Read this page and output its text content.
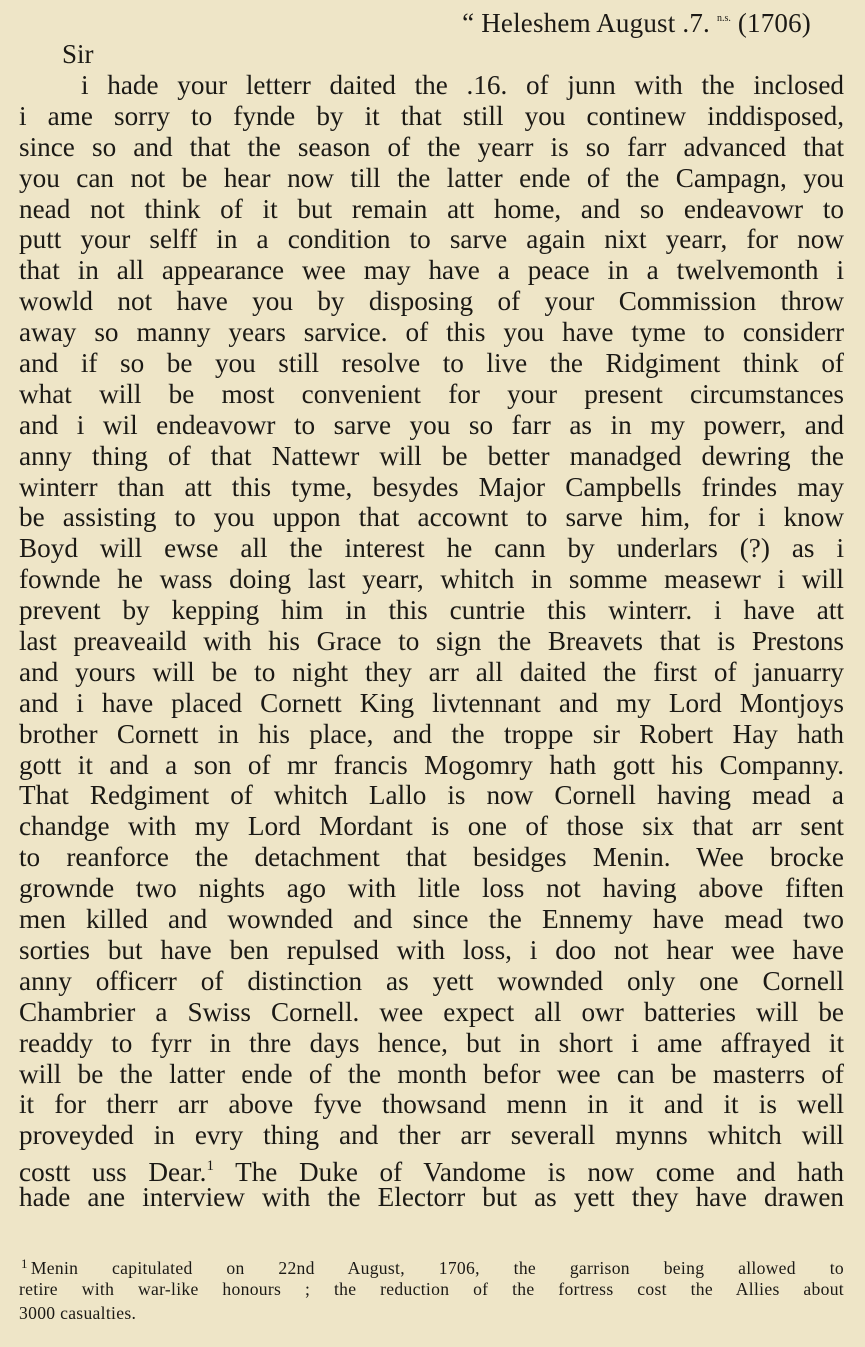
“ Heleshem August .7. $^{n.s.}$ (1706)
Sir
i hade your letterr daited the .16. of junn with the inclosed
i ame sorry to fynde by it that still you continew inddisposed,
since so and that the season of the yearr is so farr advanced that
you can not be hear now till the latter ende of the Campagn, you
nead not think of it but remain att home, and so endeavowr to
putt your selff in a condition to sarve again nixt yearr, for now
that in all appearance wee may have a peace in a twelvemonth i
wowld not have you by disposing of your Commission throw
away so manny years sarvice. of this you have tyme to considerr
and if so be you still resolve to live the Ridgiment think of
what will be most convenient for your present circumstances
and i wil endeavowr to sarve you so farr as in my powerr, and
anny thing of that Nattewr will be better manadged dewring the
winterr than att this tyme, besydes Major Campbells frindes may
be assisting to you uppon that accownt to sarve him, for i know
Boyd will ewse all the interest he cann by underlars (?) as i
fownde he wass doing last yearr, whitch in somme measewr i will
prevent by kepping him in this cuntrie this winterr. i have att
last preaveaild with his Grace to sign the Breavets that is Prestons
and yours will be to night they arr all daited the first of januarry
and i have placed Cornett King livtennant and my Lord Montjoys
brother Cornett in his place, and the troppe sir Robert Hay hath
gott it and a son of mr francis Mogomry hath gott his Companny.
That Redgiment of whitch Lallo is now Cornell having mead a
chandge with my Lord Mordant is one of those six that arr sent
to reanforce the detachment that besidges Menin. Wee brocke
grownde two nights ago with litle loss not having above fiften
men killed and wownded and since the Ennemy have mead two
sorties but have ben repulsed with loss, i doo not hear wee have
anny officerr of distinction as yett wownded only one Cornell
Chambrier a Swiss Cornell. wee expect all owr batteries will be
readdy to fyrr in thre days hence, but in short i ame affrayed it
will be the latter ende of the month befor wee can be masterrs of
it for therr arr above fyve thowsand menn in it and it is well
proveyded in evry thing and ther arr severall mynns whitch will
costt uss Dear.$^1$ The Duke of Vandome is now come and hath
hade ane interview with the Electorr but as yett they have drawen
$^1$ Menin capitulated on 22nd August, 1706, the garrison being allowed to
retire with war-like honours ; the reduction of the fortress cost the Allies about
3000 casualties.
